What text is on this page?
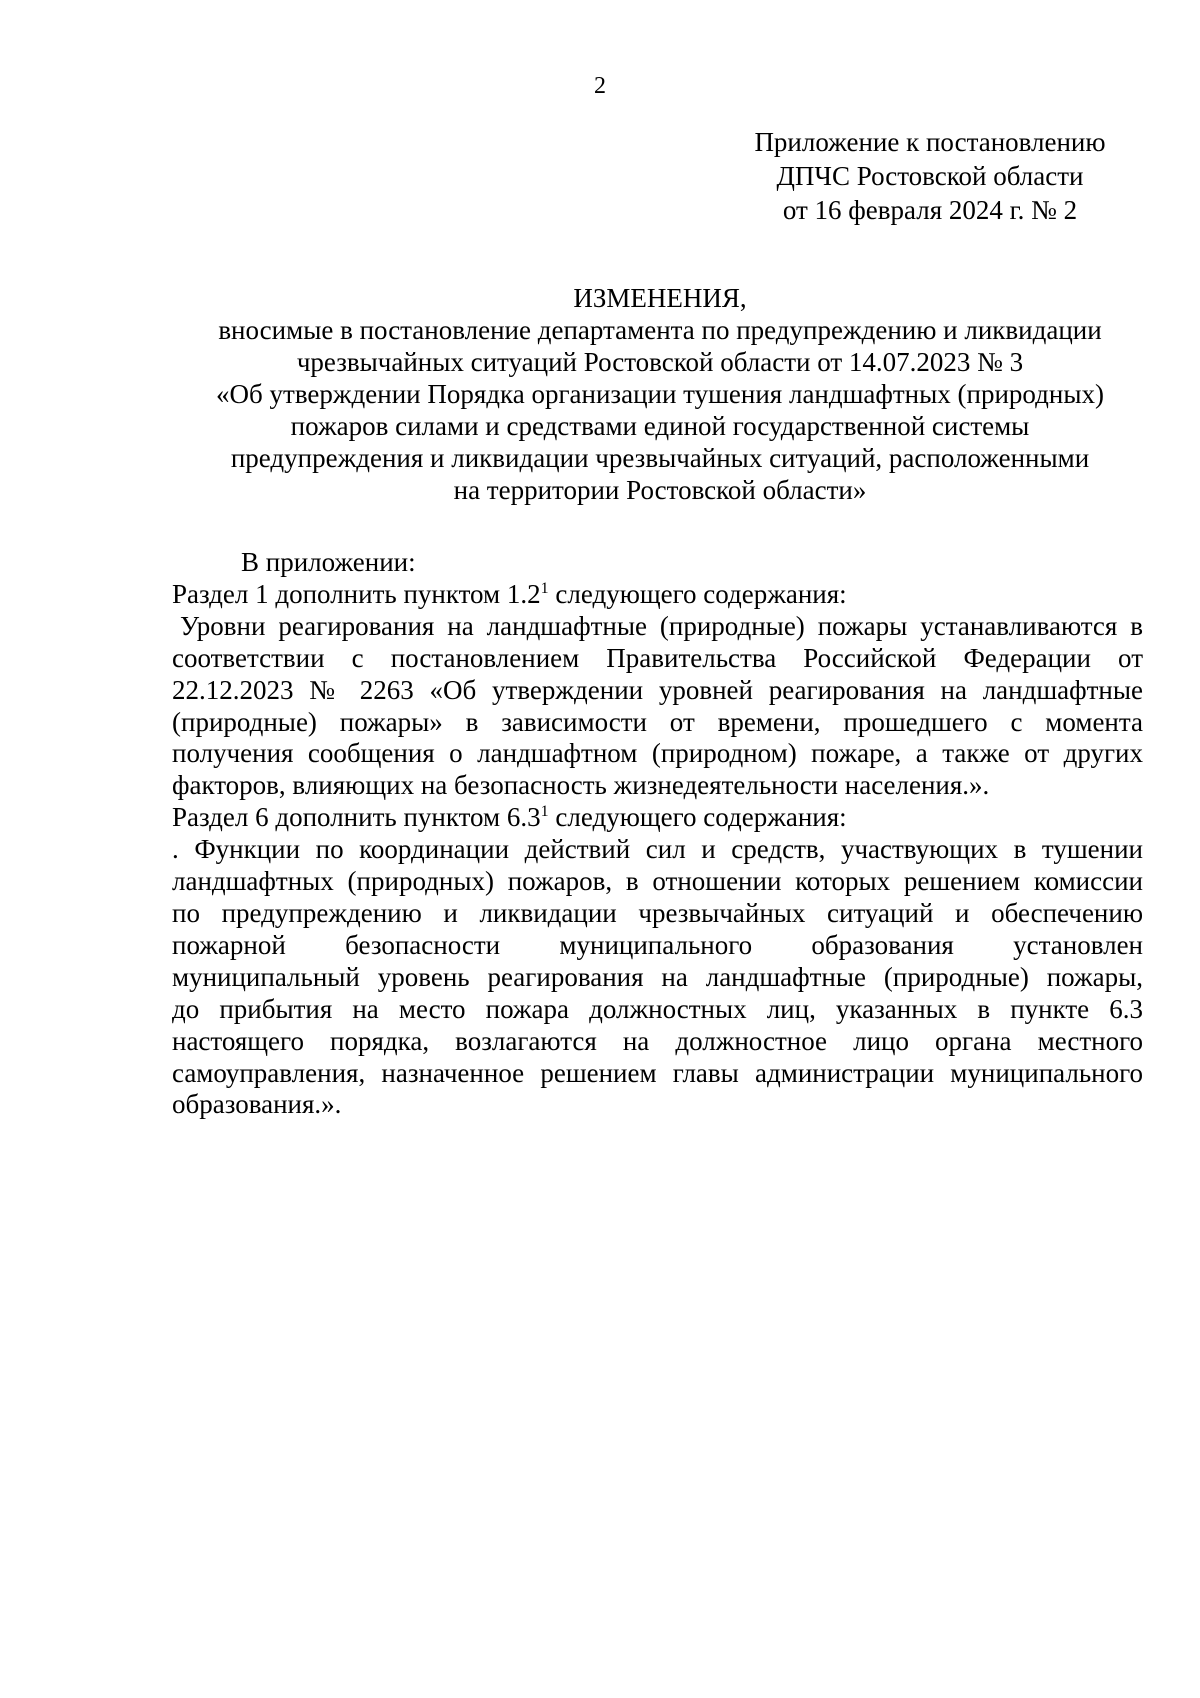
2
Приложение к постановлению
ДПЧС Ростовской области
от 16 февраля 2024 г. № 2
ИЗМЕНЕНИЯ,
вносимые в постановление департамента по предупреждению и ликвидации
чрезвычайных ситуаций Ростовской области от 14.07.2023 № 3
«Об утверждении Порядка организации тушения ландшафтных (природных)
пожаров силами и средствами единой государственной системы
предупреждения и ликвидации чрезвычайных ситуаций, расположенными
на территории Ростовской области»
В приложении:
Раздел 1 дополнить пунктом $1.2^1$ следующего содержания:
Уровни реагирования на ландшафтные (природные) пожары устанавливаются в
соответствии с постановлением Правительства Российской Федерации от
22.12.2023 № 2263 «Об утверждении уровней реагирования на ландшафтные
(природные) пожары» в зависимости от времени, прошедшего с момента
получения сообщения о ландшафтном (природном) пожаре, а также от других
факторов, влияющих на безопасность жизнедеятельности населения.».
Раздел 6 дополнить пунктом $6.3^1$ следующего содержания:
. Функции по координации действий сил и средств, участвующих в тушении
ландшафтных (природных) пожаров, в отношении которых решением комиссии
по предупреждению и ликвидации чрезвычайных ситуаций и обеспечению
пожарной безопасности муниципального образования установлен
муниципальный уровень реагирования на ландшафтные (природные) пожары,
до прибытия на место пожара должностных лиц, указанных в пункте 6.3
настоящего порядка, возлагаются на должностное лицо органа местного
самоуправления, назначенное решением главы администрации муниципального
образования.».
